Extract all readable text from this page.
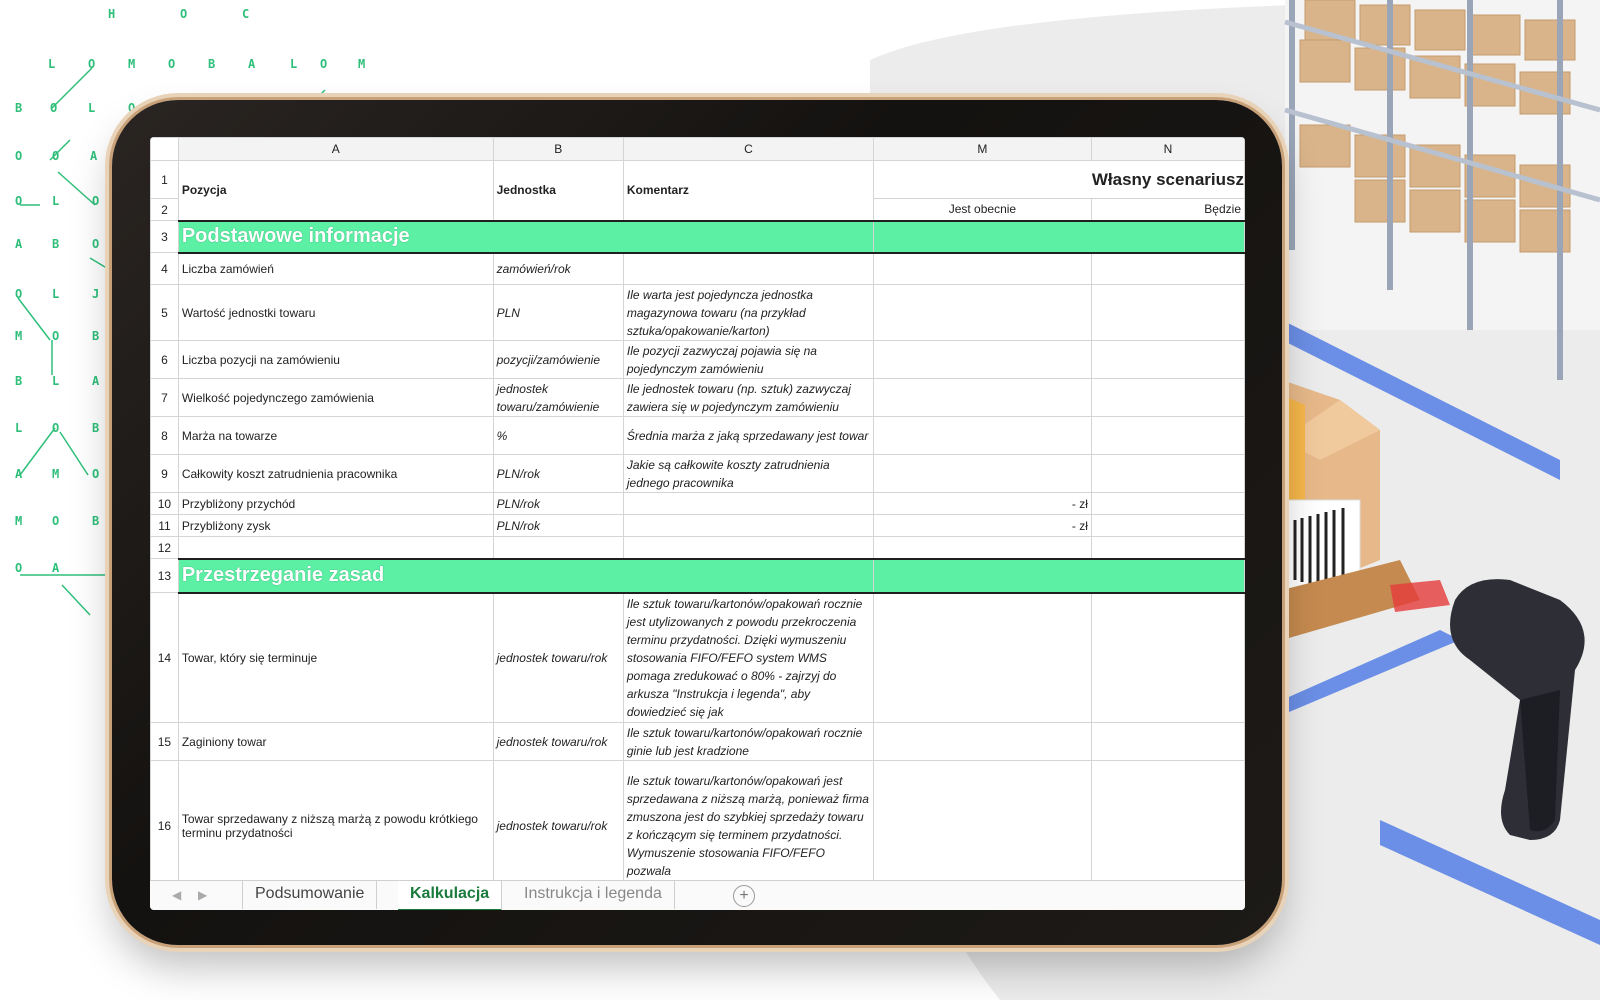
H	O	C
L	O	M	O	B	A	L O	M
B O	L	O
O O	A
O L	O
A B	O
O L	J
M O	B
B L	A
L O	B
A M	O
M O	B
O A
	A	B	C	M	N
1	Pozycja	Jednostka	Komentarz	Własny scenariusz	

2				Jest obecnie	Będzie
3	Podstawowe informacje				
4	Liczba zamówień	zamówień/rok			
5	Wartość jednostki towaru	PLN	Ile warta jest pojedyncza jednostka magazynowa towaru (na przykład sztuka/opakowanie/karton)		
6	Liczba pozycji na zamówieniu	pozycji/zamówienie	Ile pozycji zazwyczaj pojawia się na pojedynczym zamówieniu		
7	Wielkość pojedynczego zamówienia	jednostek towaru/zamówienie	Ile jednostek towaru (np. sztuk) zazwyczaj zawiera się w pojedynczym zamówieniu		
8	Marża na towarze	%	Średnia marża z jaką sprzedawany jest towar		
9	Całkowity koszt zatrudnienia pracownika	PLN/rok	Jakie są całkowite koszty zatrudnienia jednego pracownika		
10	Przybliżony przychód	PLN/rok		- zł	
11	Przybliżony zysk	PLN/rok		- zł	
12					
13	Przestrzeganie zasad				
14	Towar, który się terminuje	jednostek towaru/rok	Ile sztuk towaru/kartonów/opakowań rocznie jest utylizowanych z powodu przekroczenia terminu przydatności. Dzięki wymuszeniu stosowania FIFO/FEFO system WMS pomaga zredukować o 80% - zajrzyj do arkusza "Instrukcja i legenda", aby dowiedzieć się jak		
15	Zaginiony towar	jednostek towaru/rok	Ile sztuk towaru/kartonów/opakowań rocznie ginie lub jest kradzione		
16	Towar sprzedawany z niższą marżą z powodu krótkiego terminu przydatności	jednostek towaru/rok	Ile sztuk towaru/kartonów/opakowań jest sprzedawana z niższą marżą, ponieważ firma zmuszona jest do szybkiej sprzedaży towaru z kończącym się terminem przydatności. Wymuszenie stosowania FIFO/FEFO pozwala		
◀ ▶	Podsumowanie	Kalkulacja	Instrukcja i legenda	+
